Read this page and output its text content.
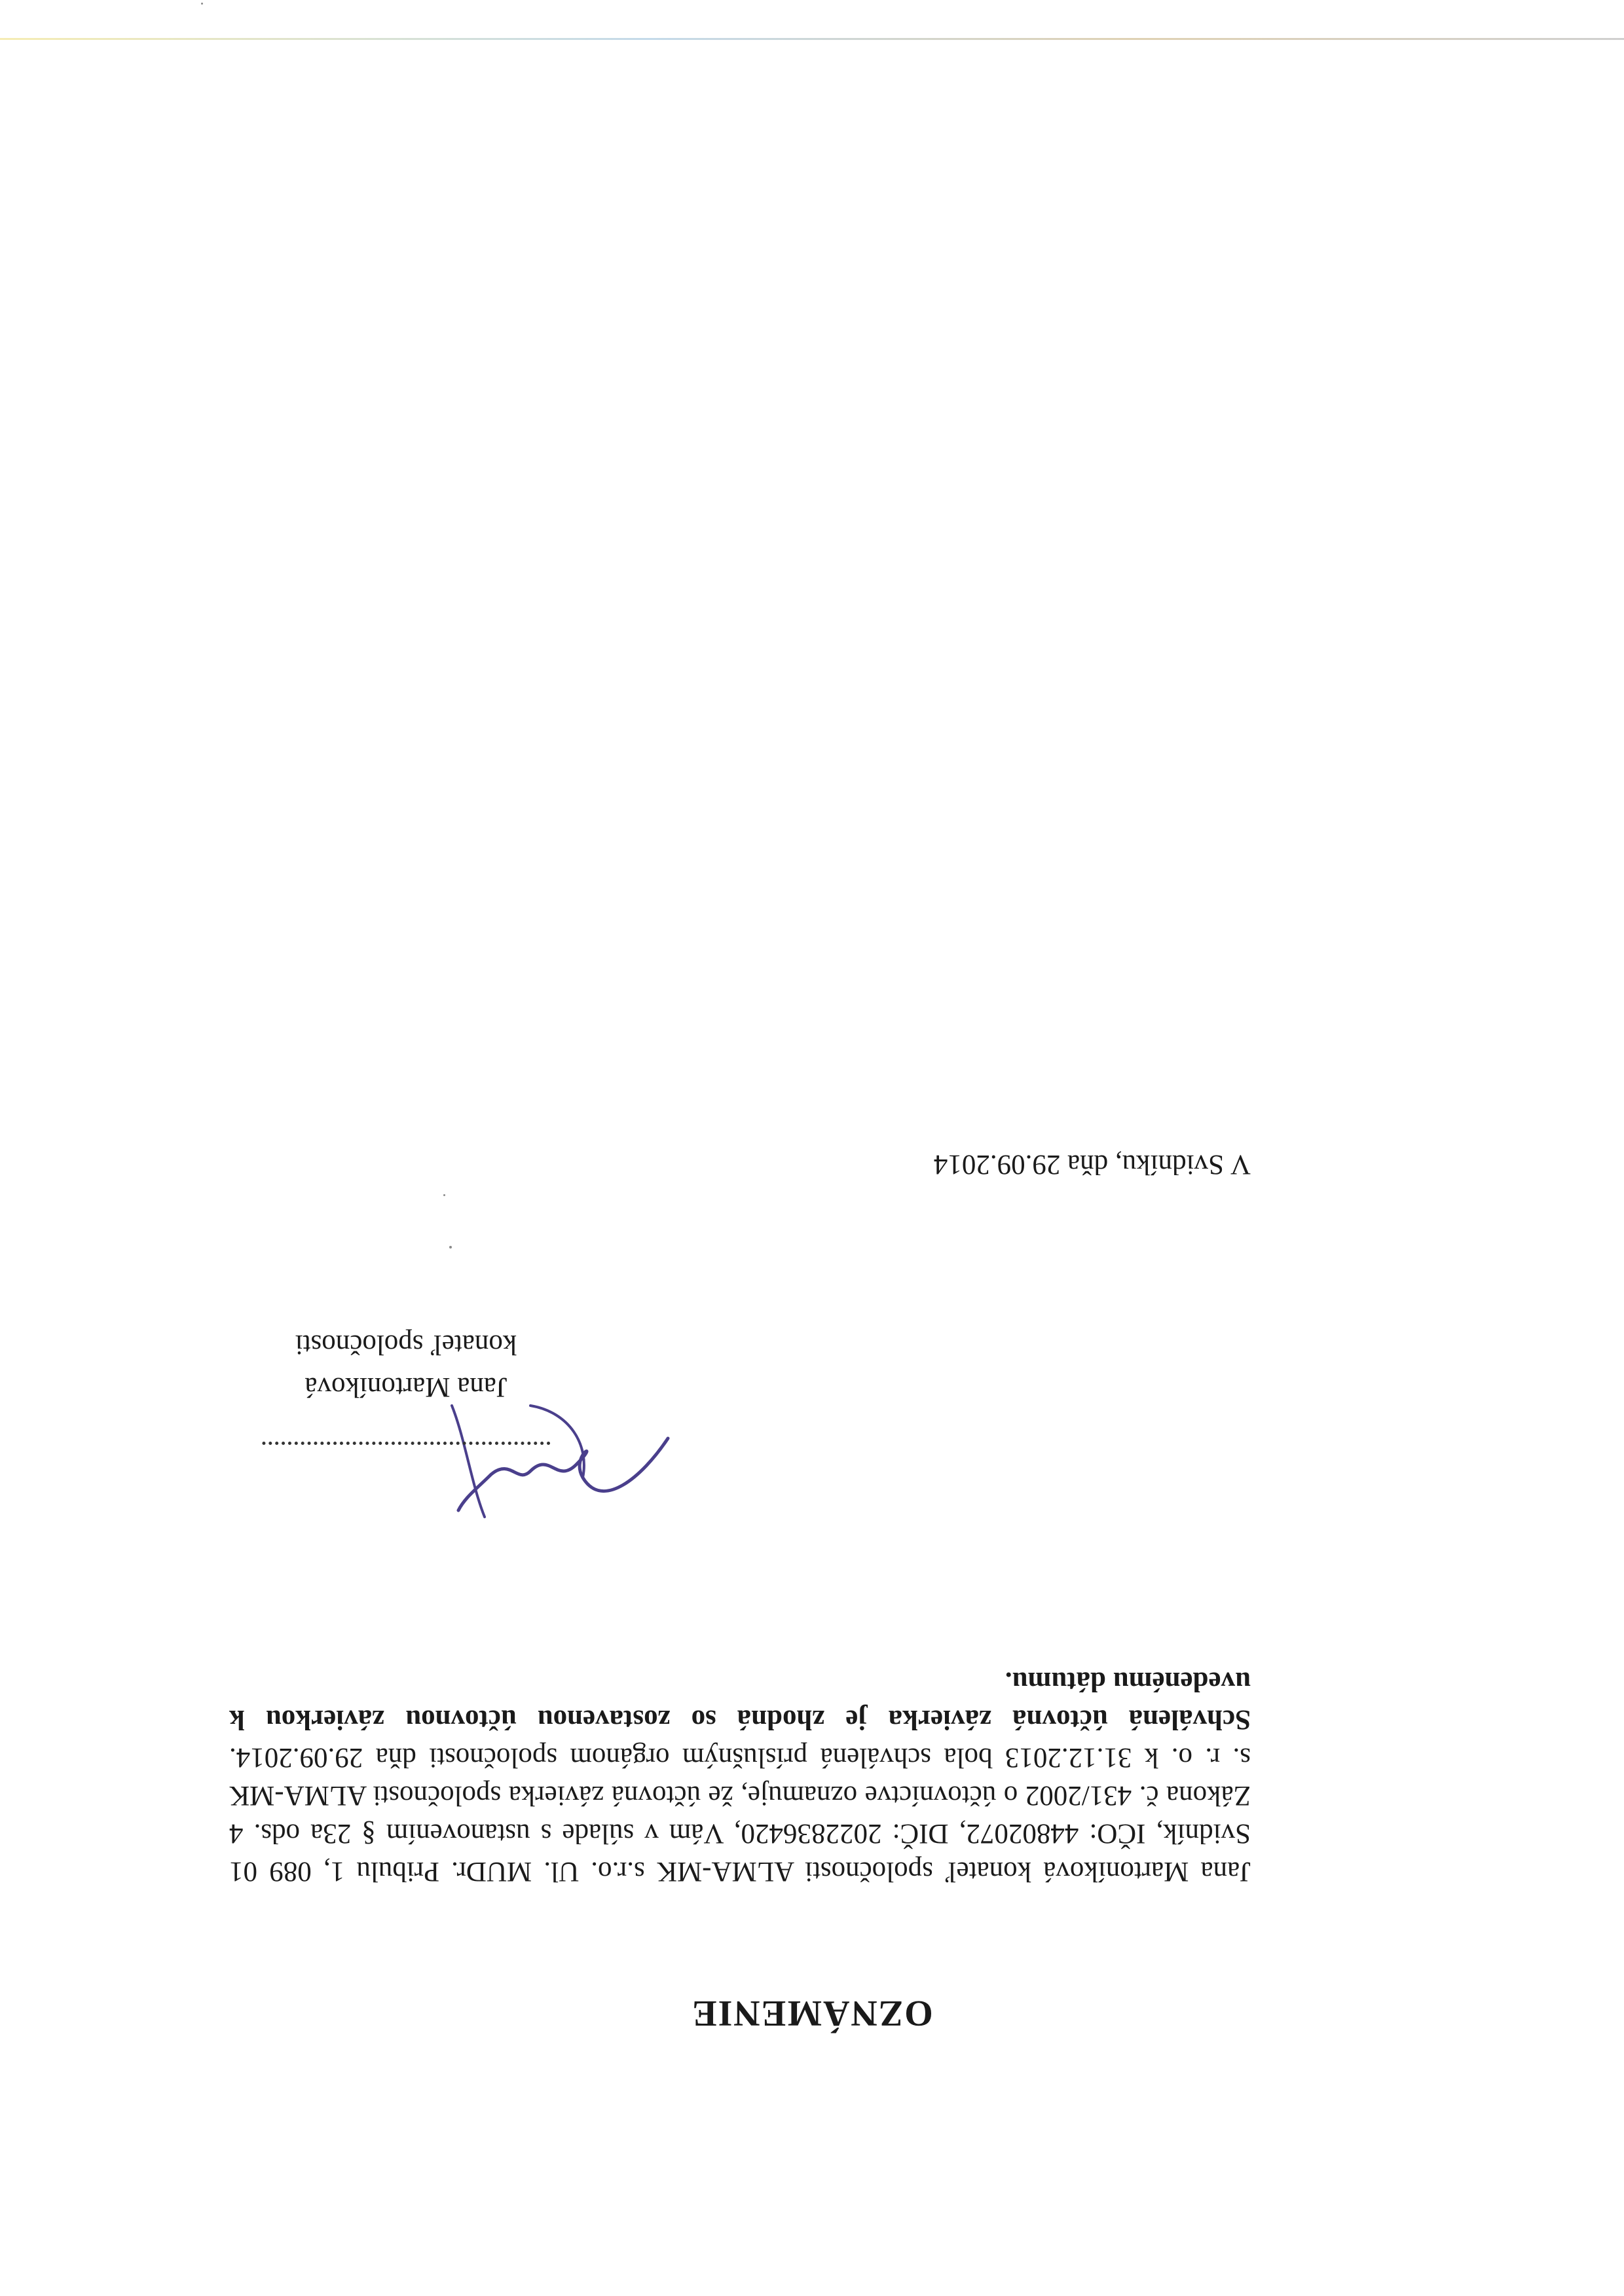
OZNÁMENIE
Jana Martoníková konateľ spoločnosti ALMA-MK s.r.o. Ul. MUDr. Pribulu 1, 089 01 Svidník, IČO: 44802072, DIČ: 2022836420, Vám v súlade s ustanovením § 23a ods. 4 Zákona č. 431/2002 o účtovníctve oznamuje, že účtovná závierka spoločnosti ALMA-MK s. r. o. k 31.12.2013 bola schválená príslušným orgánom spoločnosti dňa 29.09.2014. Schválená účtovná závierka je zhodná so zostavenou účtovnou závierkou k uvedenému dátumu.
Jana Martoníková
konateľ spoločnosti
V Svidníku, dňa 29.09.2014
